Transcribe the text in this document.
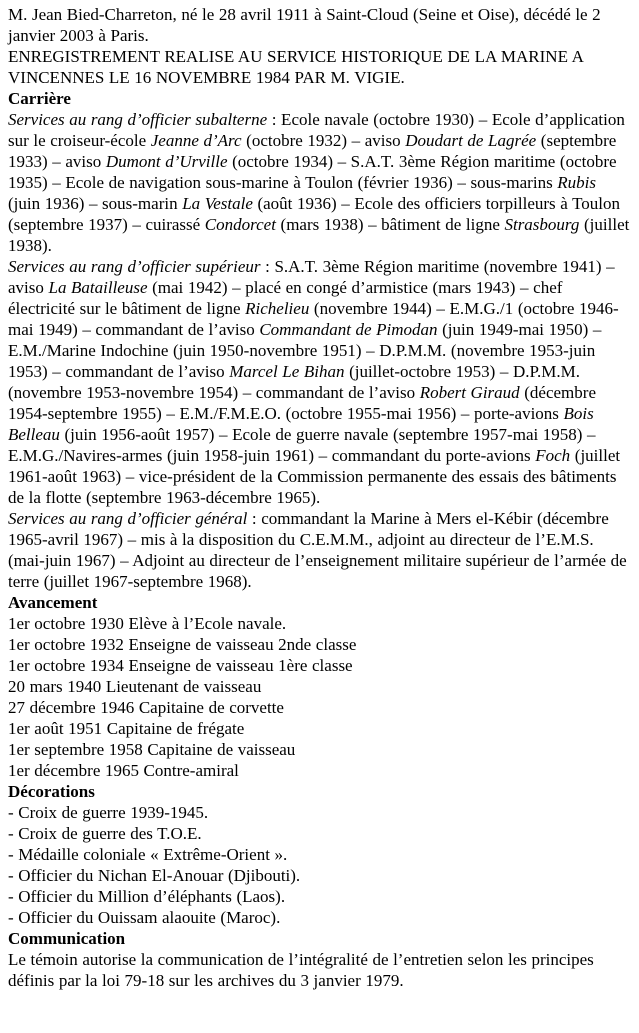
M. Jean Bied-Charreton, né le 28 avril 1911 à Saint-Cloud (Seine et Oise), décédé le 2 janvier 2003 à Paris.

ENREGISTREMENT REALISE AU SERVICE HISTORIQUE DE LA MARINE A VINCENNES LE 16 NOVEMBRE 1984 PAR M. VIGIE.

Carrière

Services au rang d’officier subalterne : Ecole navale (octobre 1930) – Ecole d’application sur le croiseur-école Jeanne d’Arc (octobre 1932) – aviso Doudart de Lagrée (septembre 1933) – aviso Dumont d’Urville (octobre 1934) – S.A.T. 3ème Région maritime (octobre 1935) – Ecole de navigation sous-marine à Toulon (février 1936) – sous-marins Rubis (juin 1936) – sous-marin La Vestale (août 1936) – Ecole des officiers torpilleurs à Toulon (septembre 1937) – cuirassé Condorcet (mars 1938) – bâtiment de ligne Strasbourg (juillet 1938).

Services au rang d’officier supérieur : S.A.T. 3ème Région maritime (novembre 1941) – aviso La Batailleuse (mai 1942) – placé en congé d’armistice (mars 1943) – chef électricité sur le bâtiment de ligne Richelieu (novembre 1944) – E.M.G./1 (octobre 1946-mai 1949) – commandant de l’aviso Commandant de Pimodan (juin 1949-mai 1950) – E.M./Marine Indochine (juin 1950-novembre 1951) – D.P.M.M. (novembre 1953-juin 1953) – commandant de l’aviso Marcel Le Bihan (juillet-octobre 1953) – D.P.M.M. (novembre 1953-novembre 1954) – commandant de l’aviso Robert Giraud (décembre 1954-septembre 1955) – E.M./F.M.E.O. (octobre 1955-mai 1956) – porte-avions Bois Belleau (juin 1956-août 1957) – Ecole de guerre navale (septembre 1957-mai 1958) – E.M.G./Navires-armes (juin 1958-juin 1961) – commandant du porte-avions Foch (juillet 1961-août 1963) – vice-président de la Commission permanente des essais des bâtiments de la flotte (septembre 1963-décembre 1965).

Services au rang d’officier général : commandant la Marine à Mers el-Kébir (décembre 1965-avril 1967) – mis à la disposition du C.E.M.M., adjoint au directeur de l’E.M.S. (mai-juin 1967) – Adjoint au directeur de l’enseignement militaire supérieur de l’armée de terre (juillet 1967-septembre 1968).

Avancement

1er octobre 1930 Elève à l’Ecole navale.

1er octobre 1932 Enseigne de vaisseau 2nde classe

1er octobre 1934 Enseigne de vaisseau 1ère classe

20 mars 1940 Lieutenant de vaisseau

27 décembre 1946 Capitaine de corvette

1er août 1951 Capitaine de frégate

1er septembre 1958 Capitaine de vaisseau

1er décembre 1965 Contre-amiral

Décorations

- Croix de guerre 1939-1945.

- Croix de guerre des T.O.E.

- Médaille coloniale « Extrême-Orient ».

- Officier du Nichan El-Anouar (Djibouti).

- Officier du Million d’éléphants (Laos).

- Officier du Ouissam alaouite (Maroc).

Communication

Le témoin autorise la communication de l’intégralité de l’entretien selon les principes définis par la loi 79-18 sur les archives du 3 janvier 1979.
